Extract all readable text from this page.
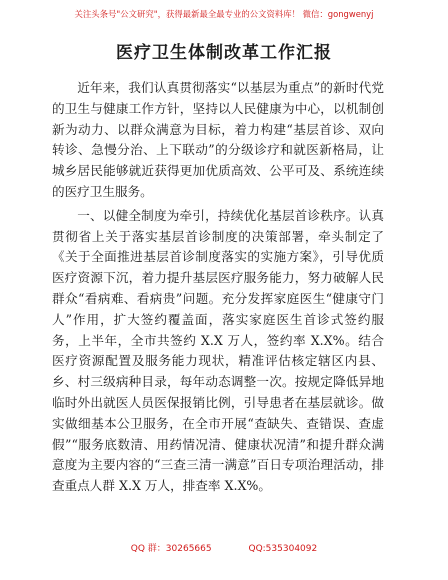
关注头条号"公文研究"，获得最新最全最专业的公文资料库！ 微信：gongwenyj
医疗卫生体制改革工作汇报

近年来，我们认真贯彻落实“以基层为重点”的新时代党的卫生与健康工作方针，坚持以人民健康为中心，以机制创新为动力、以群众满意为目标，着力构建“基层首诊、双向转诊、急慢分治、上下联动”的分级诊疗和就医新格局，让城乡居民能够就近获得更加优质高效、公平可及、系统连续的医疗卫生服务。

一、以健全制度为牵引，持续优化基层首诊秩序。认真贯彻省上关于落实基层首诊制度的决策部署，牵头制定了《关于全面推进基层首诊制度落实的实施方案》，引导优质医疗资源下沉，着力提升基层医疗服务能力，努力破解人民群众“看病难、看病贵”问题。充分发挥家庭医生“健康守门人”作用，扩大签约覆盖面，落实家庭医生首诊式签约服务，上半年，全市共签约 X.X 万人，签约率 X.X%。结合医疗资源配置及服务能力现状，精准评估核定辖区内县、乡、村三级病种目录，每年动态调整一次。按规定降低异地临时外出就医人员医保报销比例，引导患者在基层就诊。做实做细基本公卫服务，在全市开展“查缺失、查错误、查虚假”“服务底数清、用药情况清、健康状况清”和提升群众满意度为主要内容的“三查三清一满意”百日专项治理活动，排查重点人群 X.X 万人，排查率 X.X%。

QQ 群：30265665	QQ:535304092
